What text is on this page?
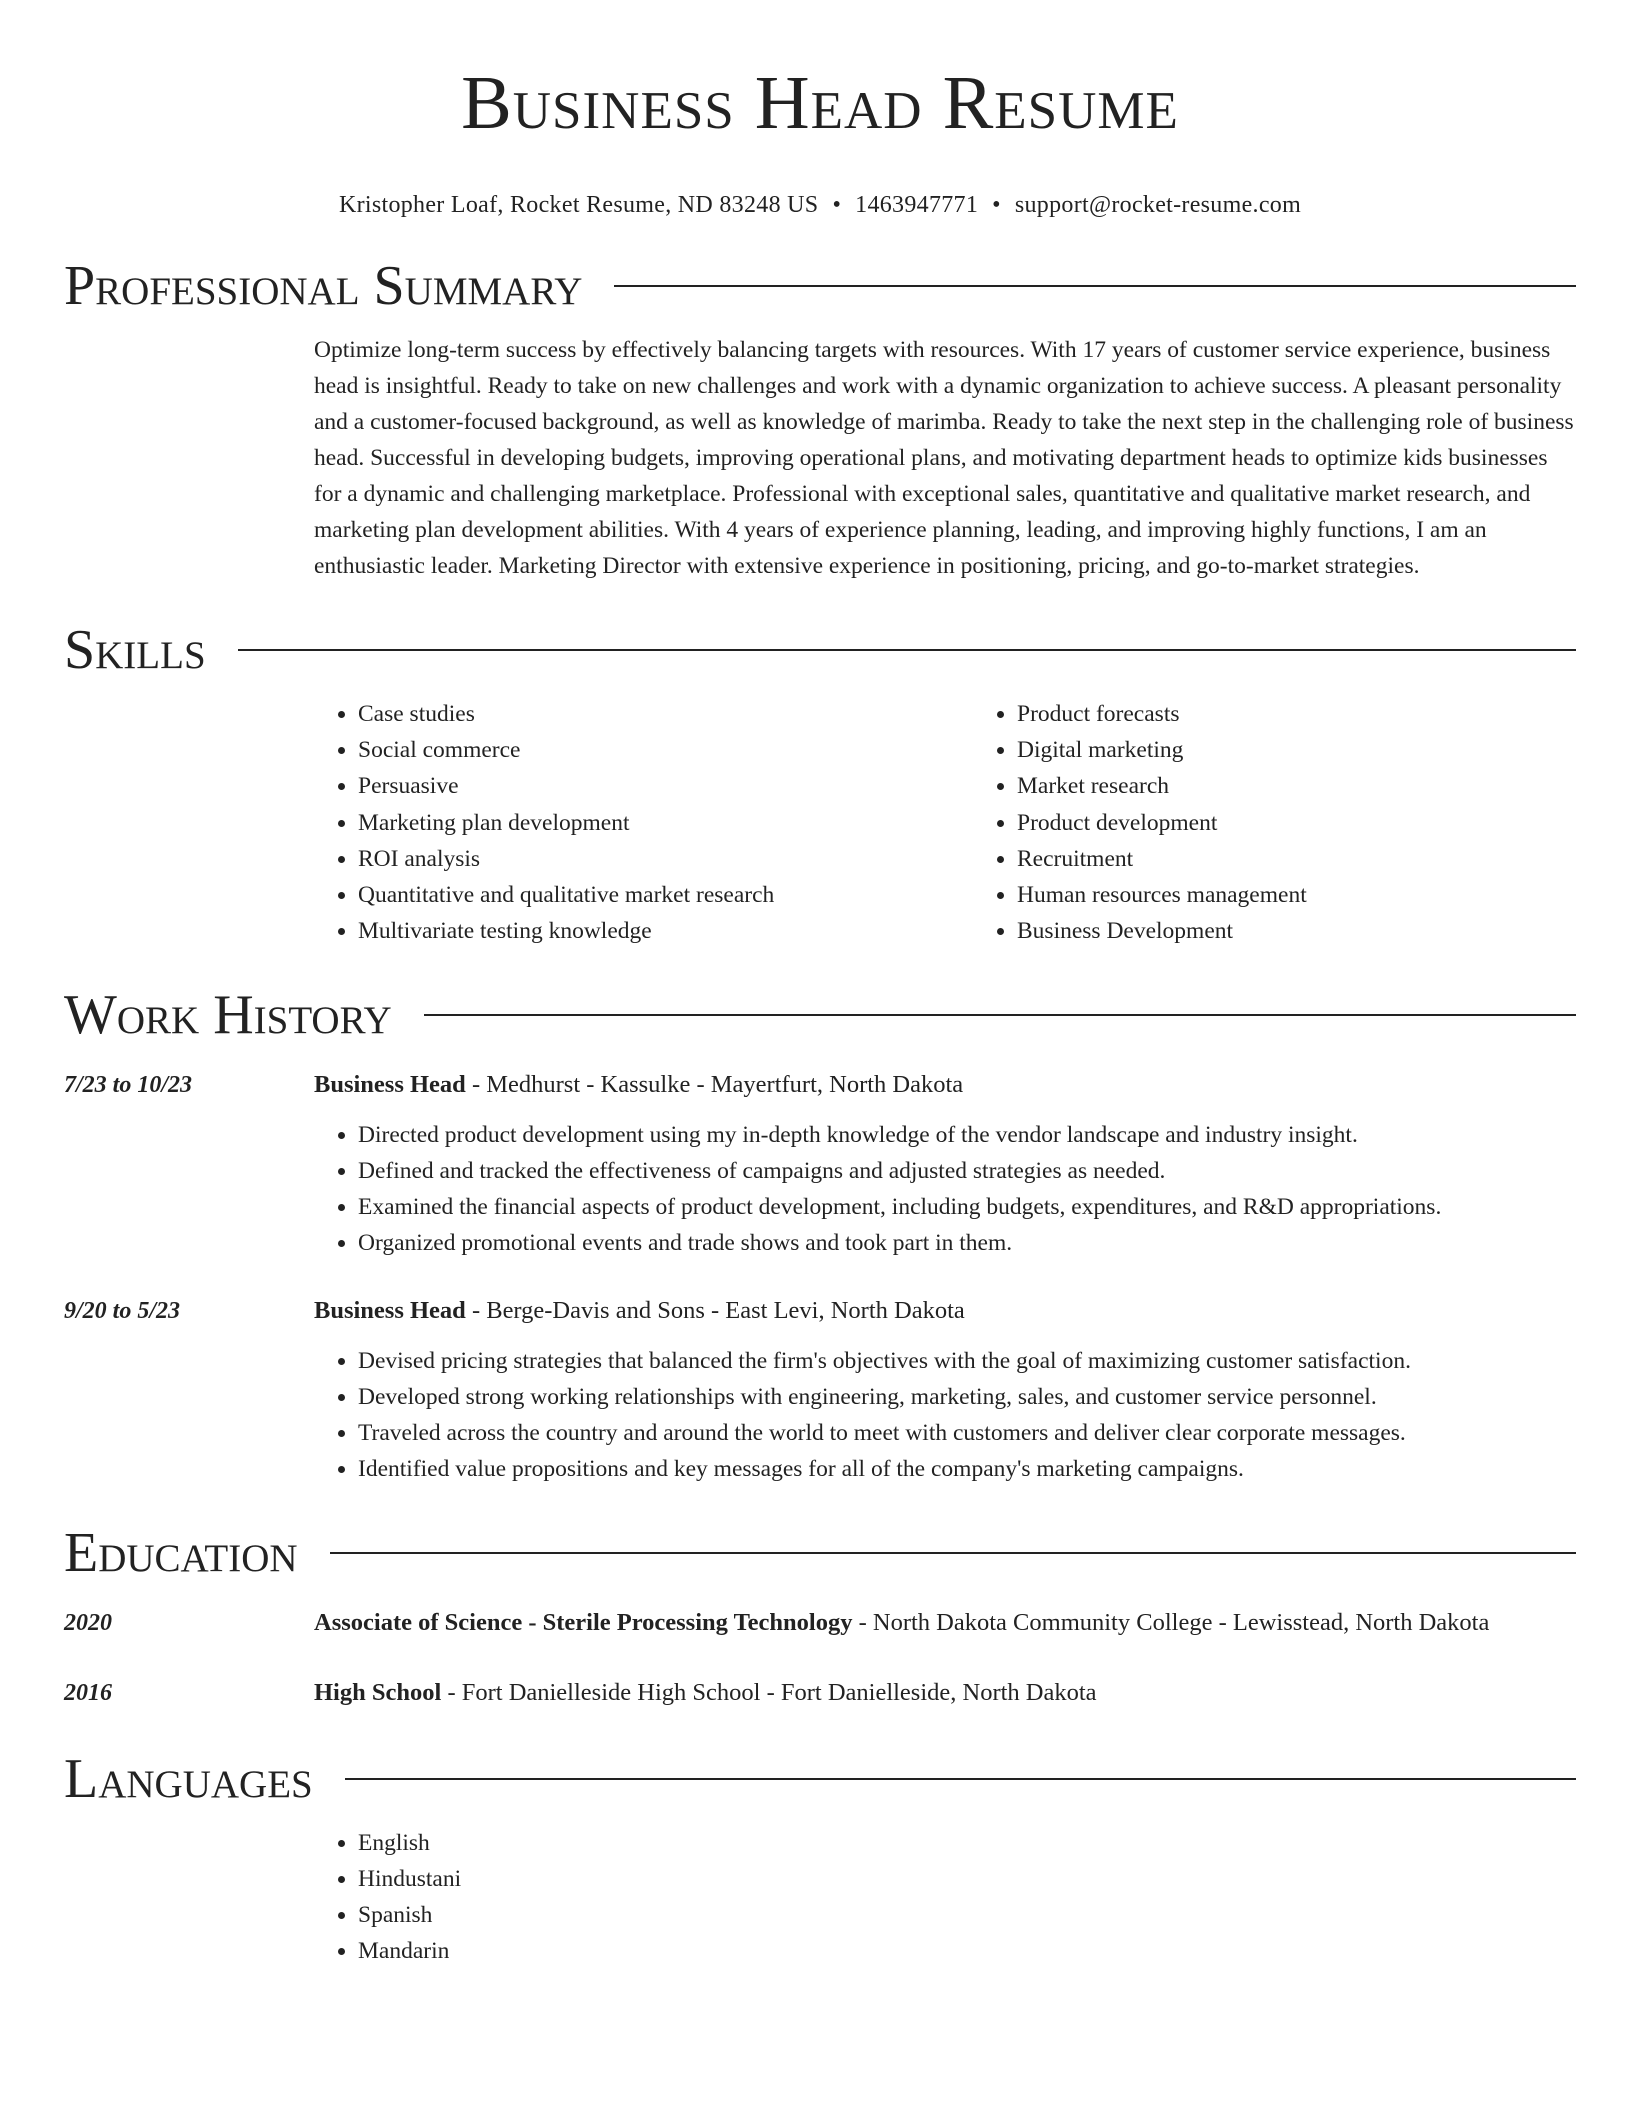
Business Head Resume
Kristopher Loaf, Rocket Resume, ND 83248 US • 1463947771 • support@rocket-resume.com
Professional Summary
Optimize long-term success by effectively balancing targets with resources. With 17 years of customer service experience, business head is insightful. Ready to take on new challenges and work with a dynamic organization to achieve success. A pleasant personality and a customer-focused background, as well as knowledge of marimba. Ready to take the next step in the challenging role of business head. Successful in developing budgets, improving operational plans, and motivating department heads to optimize kids businesses for a dynamic and challenging marketplace. Professional with exceptional sales, quantitative and qualitative market research, and marketing plan development abilities. With 4 years of experience planning, leading, and improving highly functions, I am an enthusiastic leader. Marketing Director with extensive experience in positioning, pricing, and go-to-market strategies.
Skills
• Case studies
• Social commerce
• Persuasive
• Marketing plan development
• ROI analysis
• Quantitative and qualitative market research
• Multivariate testing knowledge
• Product forecasts
• Digital marketing
• Market research
• Product development
• Recruitment
• Human resources management
• Business Development
Work History
7/23 to 10/23	Business Head - Medhurst - Kassulke - Mayertfurt, North Dakota
• Directed product development using my in-depth knowledge of the vendor landscape and industry insight.
• Defined and tracked the effectiveness of campaigns and adjusted strategies as needed.
• Examined the financial aspects of product development, including budgets, expenditures, and R&D appropriations.
• Organized promotional events and trade shows and took part in them.
9/20 to 5/23	Business Head - Berge-Davis and Sons - East Levi, North Dakota
• Devised pricing strategies that balanced the firm's objectives with the goal of maximizing customer satisfaction.
• Developed strong working relationships with engineering, marketing, sales, and customer service personnel.
• Traveled across the country and around the world to meet with customers and deliver clear corporate messages.
• Identified value propositions and key messages for all of the company's marketing campaigns.
Education
2020	Associate of Science - Sterile Processing Technology - North Dakota Community College - Lewisstead, North Dakota
2016	High School - Fort Danielleside High School - Fort Danielleside, North Dakota
Languages
• English
• Hindustani
• Spanish
• Mandarin
